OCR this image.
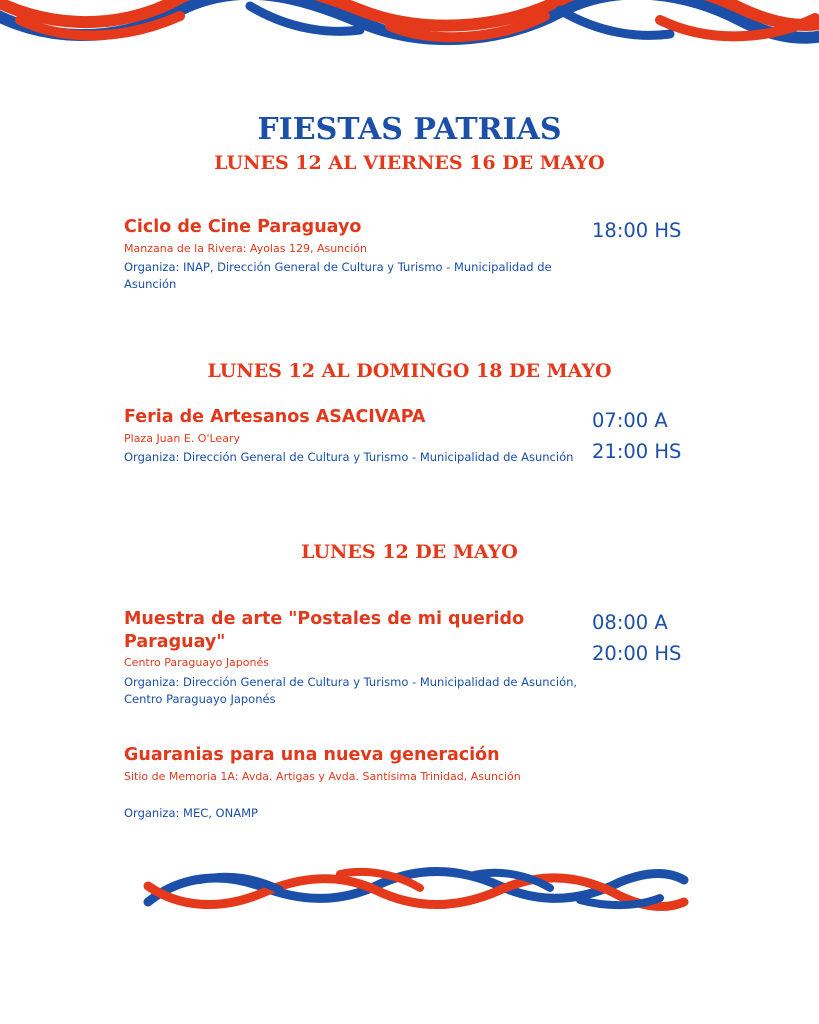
FIESTAS PATRIAS
LUNES 12 AL VIERNES 16 DE MAYO

Ciclo de Cine Paraguayo

Manzana de la Rivera: Ayolas 129, Asunción

Organiza: INAP, Dirección General de Cultura y Turismo - Municipalidad de Asunción

18:00 HS
LUNES 12 AL DOMINGO 18 DE MAYO

Feria de Artesanos ASACIVAPA

Plaza Juan E. O'Leary

Organiza: Dirección General de Cultura y Turismo - Municipalidad de Asunción

07:00 A
21:00 HS
LUNES 12 DE MAYO

Muestra de arte "Postales de mi querido Paraguay"

Centro Paraguayo Japonés

Organiza: Dirección General de Cultura y Turismo - Municipalidad de Asunción, Centro Paraguayo Japonés

08:00 A
20:00 HS

Guaranias para una nueva generación

Sitio de Memoria 1A: Avda. Artigas y Avda. Santísima Trinidad, Asunción

Organiza: MEC, ONAMP
